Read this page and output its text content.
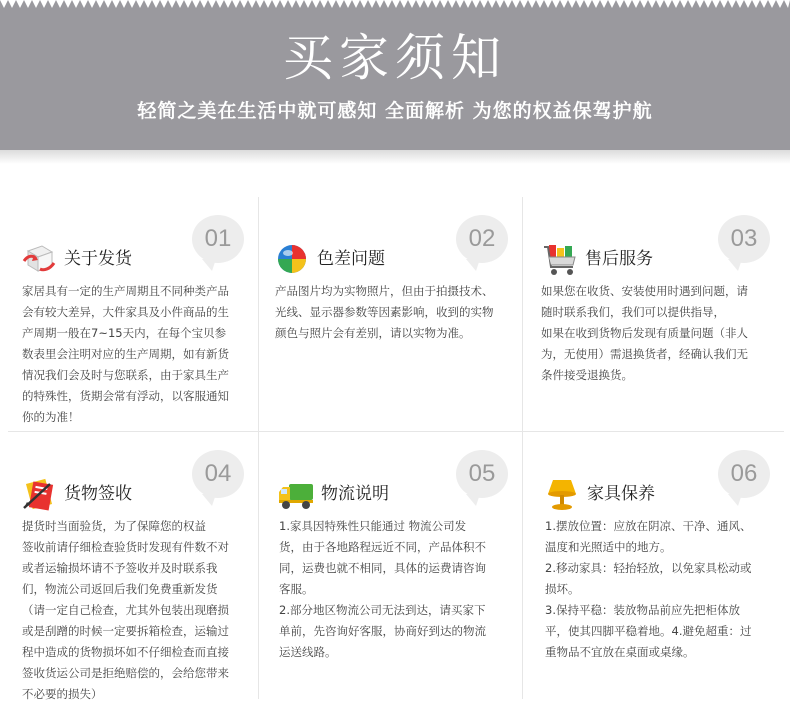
买家须知
轻简之美在生活中就可感知 全面解析 为您的权益保驾护航
01
关于发货
家居具有一定的生产周期且不同种类产品
会有较大差异，大件家具及小件商品的生
产周期一般在7~15天内，在每个宝贝参
数表里会注明对应的生产周期，如有新货
情况我们会及时与您联系，由于家具生产
的特殊性，货期会常有浮动，以客服通知
你的为准！
02
色差问题
产品图片均为实物照片，但由于拍摄技术、
光线、显示器参数等因素影响，收到的实物
颜色与照片会有差别，请以实物为准。
03
售后服务
如果您在收货、安装使用时遇到问题，请
随时联系我们，我们可以提供指导，
如果在收到货物后发现有质量问题（非人
为，无使用）需退换货者，经确认我们无
条件接受退换货。
04
货物签收
提货时当面验货，为了保障您的权益
签收前请仔细检查验货时发现有件数不对
或者运输损坏请不予签收并及时联系我
们，物流公司返回后我们免费重新发货
（请一定自己检查，尤其外包装出现磨损
或是刮蹭的时候一定要拆箱检查，运输过
程中造成的货物损坏如不仔细检查而直接
签收货运公司是拒绝赔偿的，会给您带来
不必要的损失）
05
物流说明
1.家具因特殊性只能通过 物流公司发
货，由于各地路程远近不同，产品体积不
同，运费也就不相同，具体的运费请咨询
客服。
2.部分地区物流公司无法到达，请买家下
单前，先咨询好客服，协商好到达的物流
运送线路。
06
家具保养
1.摆放位置：应放在阴凉、干净、通风、
温度和光照适中的地方。
2.移动家具：轻抬轻放，以免家具松动或
损坏。
3.保持平稳：装放物品前应先把柜体放
平，使其四脚平稳着地。4.避免超重：过
重物品不宜放在桌面或桌缘。
